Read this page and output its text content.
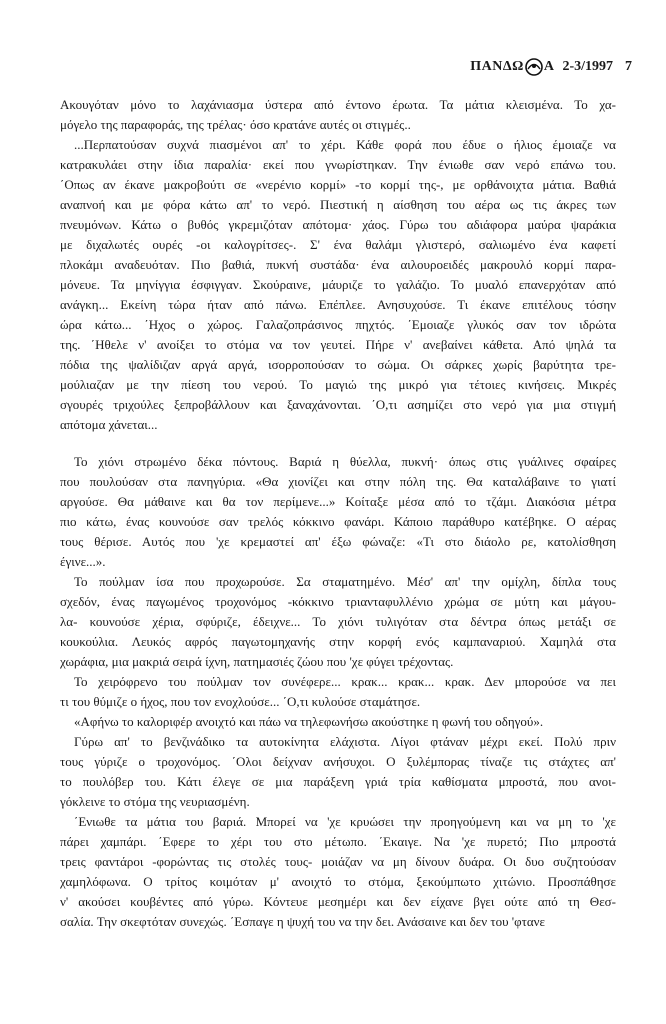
ΠΑΝΔΩ Α 2-3/1997 7

Ακουγόταν μόνο το λαχάνιασμα ύστερα από έντονο έρωτα. Τα μάτια κλεισμένα. Το χα-
μόγελο της παραφοράς, της τρέλας· όσο κρατάνε αυτές οι στιγμές..

...Περπατούσαν συχνά πιασμένοι απ' το χέρι. Κάθε φορά που έδυε ο ήλιος έμοιαζε να
κατρακυλάει στην ίδια παραλία· εκεί που γνωρίστηκαν. Την ένιωθε σαν νερό επάνω του.
΄Οπως αν έκανε μακροβούτι σε «νερένιο κορμί» -το κορμί της-, με ορθάνοιχτα μάτια. Βαθιά
αναπνοή και με φόρα κάτω απ' το νερό. Πιεστική η αίσθηση του αέρα ως τις άκρες των
πνευμόνων. Κάτω ο βυθός γκρεμιζόταν απότομα· χάος. Γύρω του αδιάφορα μαύρα ψαράκια
με διχαλωτές ουρές -οι καλογρίτσες-. Σ' ένα θαλάμι γλιστερό, σαλιωμένο ένα καφετί
πλοκάμι αναδευόταν. Πιο βαθιά, πυκνή συστάδα· ένα αιλουροειδές μακρουλό κορμί παρα-
μόνευε. Τα μηνίγγια έσφιγγαν. Σκούραινε, μάυριζε το γαλάζιο. Το μυαλό επανερχόταν από
ανάγκη... Εκείνη τώρα ήταν από πάνω. Επέπλεε. Ανησυχούσε. Τι έκανε επιτέλους τόσην
ώρα κάτω... ΄Ηχος ο χώρος. Γαλαζοπράσινος πηχτός. ΄Εμοιαζε γλυκός σαν τον ιδρώτα
της. ΄Ηθελε ν' ανοίξει το στόμα να τον γευτεί. Πήρε ν' ανεβαίνει κάθετα. Από ψηλά τα
πόδια της ψαλίδιζαν αργά αργά, ισορροπούσαν το σώμα. Οι σάρκες χωρίς βαρύτητα τρε-
μούλιαζαν με την πίεση του νερού. Το μαγιώ της μικρό για τέτοιες κινήσεις. Μικρές
σγουρές τριχούλες ξεπροβάλλουν και ξαναχάνονται. ΄Ο,τι ασημίζει στο νερό για μια στιγμή
απότομα χάνεται...

Το χιόνι στρωμένο δέκα πόντους. Βαριά η θύελλα, πυκνή· όπως στις γυάλινες σφαίρες
που πουλούσαν στα πανηγύρια. «Θα χιονίζει και στην πόλη της. Θα καταλάβαινε το γιατί
αργούσε. Θα μάθαινε και θα τον περίμενε...» Κοίταξε μέσα από το τζάμι. Διακόσια μέτρα
πιο κάτω, ένας κουνούσε σαν τρελός κόκκινο φανάρι. Κάποιο παράθυρο κατέβηκε. Ο αέρας
τους θέρισε. Αυτός που 'χε κρεμαστεί απ' έξω φώναζε: «Τι στο διάολο ρε, κατολίσθηση
έγινε...».

Το πούλμαν ίσα που προχωρούσε. Σα σταματημένο. Μέσ' απ' την ομίχλη, δίπλα τους
σχεδόν, ένας παγωμένος τροχονόμος -κόκκινο τριανταφυλλένιο χρώμα σε μύτη και μάγου-
λα- κουνούσε χέρια, σφύριζε, έδειχνε... Το χιόνι τυλιγόταν στα δέντρα όπως μετάξι σε
κουκούλια. Λευκός αφρός παγωτομηχανής στην κορφή ενός καμπαναριού. Χαμηλά στα
χωράφια, μια μακριά σειρά ίχνη, πατημασιές ζώου που 'χε φύγει τρέχοντας.

Το χειρόφρενο του πούλμαν τον συνέφερε... κρακ... κρακ... κρακ. Δεν μπορούσε να πει
τι του θύμιζε ο ήχος, που τον ενοχλούσε... ΄Ο,τι κυλούσε σταμάτησε.

«Αφήνω το καλοριφέρ ανοιχτό και πάω να τηλεφωνήσω ακούστηκε η φωνή του οδηγού».

Γύρω απ' το βενζινάδικο τα αυτοκίνητα ελάχιστα. Λίγοι φτάναν μέχρι εκεί. Πολύ πριν
τους γύριζε ο τροχονόμος. ΄Ολοι δείχναν ανήσυχοι. Ο ξυλέμπορας τίναζε τις στάχτες απ'
το πουλόβερ του. Κάτι έλεγε σε μια παράξενη γριά τρία καθίσματα μπροστά, που ανοι-
γόκλεινε το στόμα της νευριασμένη.

΄Ενιωθε τα μάτια του βαριά. Μπορεί να 'χε κρυώσει την προηγούμενη και να μη το 'χε
πάρει χαμπάρι. ΄Εφερε το χέρι του στο μέτωπο. ΄Εκαιγε. Να 'χε πυρετό; Πιο μπροστά
τρεις φαντάροι -φορώντας τις στολές τους- μοιάζαν να μη δίνουν δυάρα. Οι δυο συζητούσαν
χαμηλόφωνα. Ο τρίτος κοιμόταν μ' ανοιχτό το στόμα, ξεκούμπωτο χιτώνιο. Προσπάθησε
ν' ακούσει κουβέντες από γύρω. Κόντευε μεσημέρι και δεν είχανε βγει ούτε από τη Θεσ-
σαλία. Την σκεφτόταν συνεχώς. ΄Εσπαγε η ψυχή του να την δει. Ανάσαινε και δεν του 'φτανε
